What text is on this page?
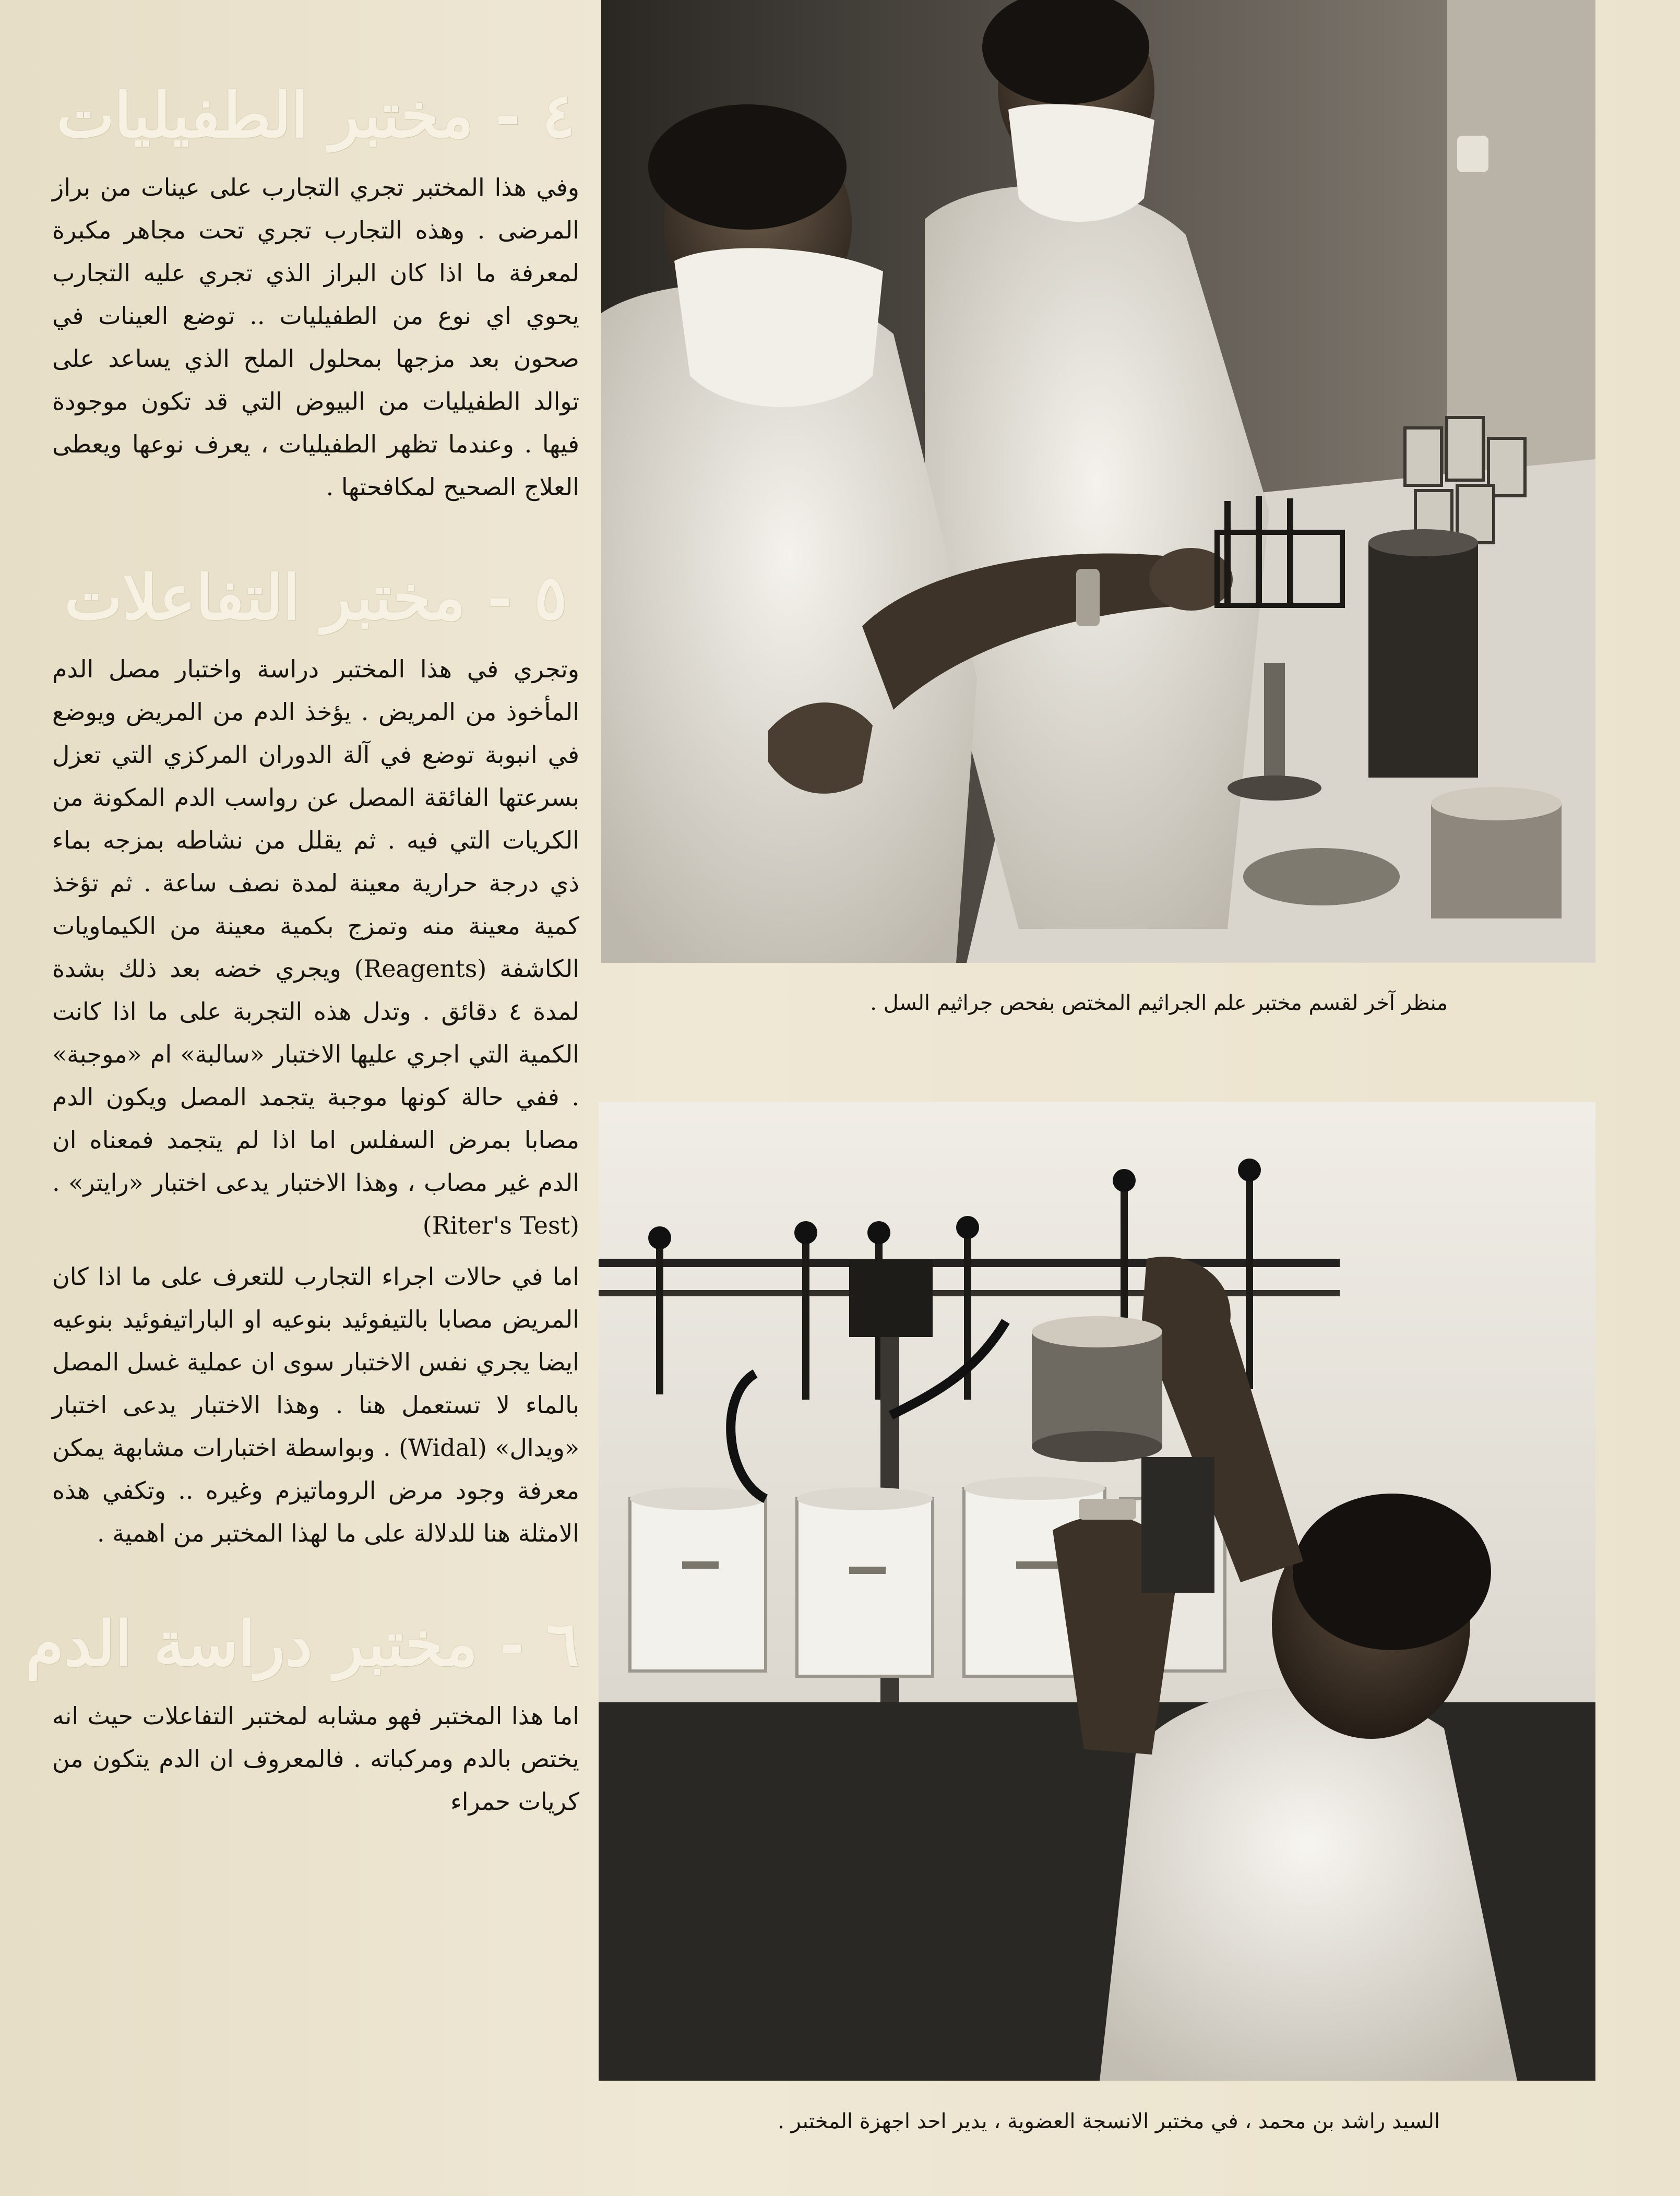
٤ - مختبر الطفيليات

وفي هذا المختبر تجري التجارب على عينات من براز المرضى . وهذه التجارب تجري تحت مجاهر مكبرة لمعرفة ما اذا كان البراز الذي تجري عليه التجارب يحوي اي نوع من الطفيليات .. توضع العينات في صحون بعد مزجها بمحلول الملح الذي يساعد على توالد الطفيليات من البيوض التي قد تكون موجودة فيها . وعندما تظهر الطفيليات ، يعرف نوعها ويعطى العلاج الصحيح لمكافحتها .

٥ - مختبر التفاعلات

وتجري في هذا المختبر دراسة واختبار مصل الدم المأخوذ من المريض . يؤخذ الدم من المريض ويوضع في انبوبة توضع في آلة الدوران المركزي التي تعزل بسرعتها الفائقة المصل عن رواسب الدم المكونة من الكريات التي فيه . ثم يقلل من نشاطه بمزجه بماء ذي درجة حرارية معينة لمدة نصف ساعة . ثم تؤخذ كمية معينة منه وتمزج بكمية معينة من الكيماويات الكاشفة (Reagents) ويجري خضه بعد ذلك بشدة لمدة ٤ دقائق . وتدل هذه التجربة على ما اذا كانت الكمية التي اجري عليها الاختبار «سالبة» ام «موجبة» . ففي حالة كونها موجبة يتجمد المصل ويكون الدم مصابا بمرض السفلس اما اذا لم يتجمد فمعناه ان الدم غير مصاب ، وهذا الاختبار يدعى اختبار «رايتر» . (Riter's Test)

اما في حالات اجراء التجارب للتعرف على ما اذا كان المريض مصابا بالتيفوئيد بنوعيه او الباراتيفوئيد بنوعيه ايضا يجري نفس الاختبار سوى ان عملية غسل المصل بالماء لا تستعمل هنا . وهذا الاختبار يدعى اختبار «ويدال» (Widal) . وبواسطة اختبارات مشابهة يمكن معرفة وجود مرض الروماتيزم وغيره .. وتكفي هذه الامثلة هنا للدلالة على ما لهذا المختبر من اهمية .

٦ - مختبر دراسة الدم

اما هذا المختبر فهو مشابه لمختبر التفاعلات حيث انه يختص بالدم ومركباته . فالمعروف ان الدم يتكون من كريات حمراء

منظر آخر لقسم مختبر علم الجراثيم المختص بفحص جراثيم السل .
السيد راشد بن محمد ، في مختبر الانسجة العضوية ، يدير احد اجهزة المختبر .
